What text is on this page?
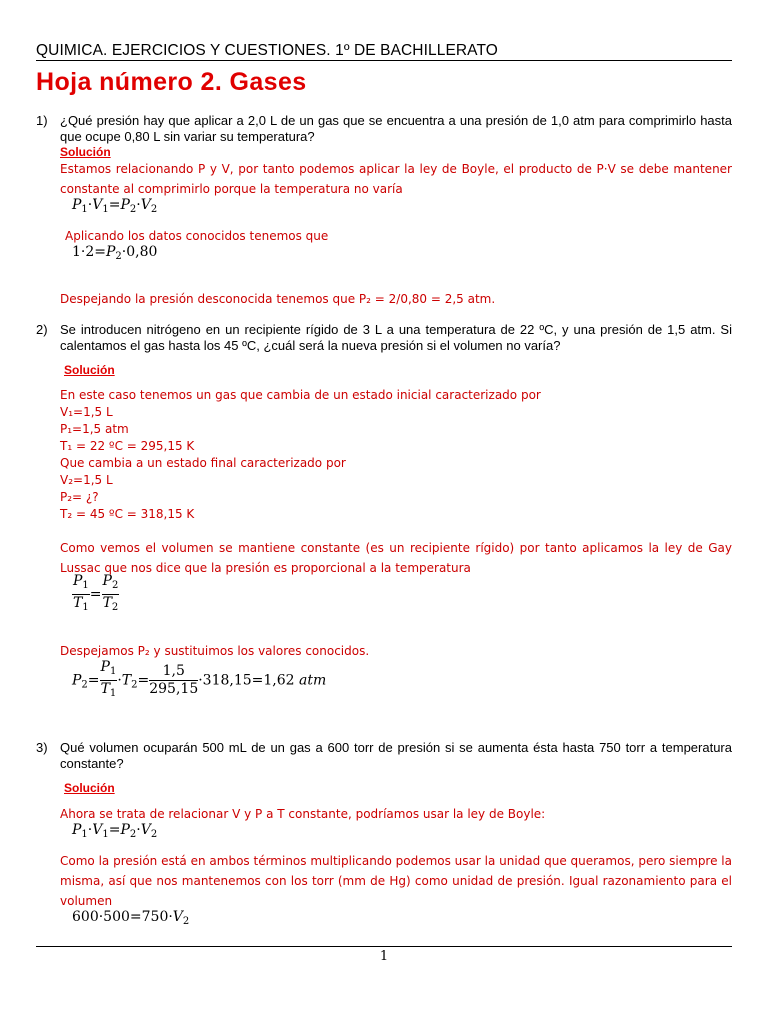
QUIMICA. EJERCICIOS Y CUESTIONES. 1º DE BACHILLERATO
Hoja número 2. Gases
1) ¿Qué presión hay que aplicar a 2,0 L de un gas que se encuentra a una presión de 1,0 atm para comprimirlo hasta que ocupe 0,80 L sin variar su temperatura?
Solución
Estamos relacionando P y V, por tanto podemos aplicar la ley de Boyle, el producto de P·V se debe mantener constante al comprimirlo porque la temperatura no varía
$P_1\cdot V_1=P_2\cdot V_2$
Aplicando los datos conocidos tenemos que
$1\cdot 2=P_2\cdot 0,80$
Despejando la presión desconocida tenemos que P₂ = 2/0,80 = 2,5 atm.
2) Se introducen nitrógeno en un recipiente rígido de 3 L a una temperatura de 22 ºC, y una presión de 1,5 atm. Si calentamos el gas hasta los 45 ºC, ¿cuál será la nueva presión si el volumen no varía?
Solución
En este caso tenemos un gas que cambia de un estado inicial caracterizado por
V₁=1,5 L
P₁=1,5 atm
T₁ = 22 ºC = 295,15 K
Que cambia a un estado final caracterizado por
V₂=1,5 L
P₂= ¿?
T₂ = 45 ºC = 318,15 K
Como vemos el volumen se mantiene constante (es un recipiente rígido) por tanto aplicamos la ley de Gay Lussac que nos dice que la presión es proporcional a la temperatura
$\frac{P_1}{T_1} = \frac{P_2}{T_2}$
Despejamos P₂ y sustituimos los valores conocidos.
$P_2= \frac{P_1}{T_1} \cdot T_2= \frac{1,5}{295,15} \cdot 318,15=1,62$ atm
3) Qué volumen ocuparán 500 mL de un gas a 600 torr de presión si se aumenta ésta hasta 750 torr a temperatura constante?
Solución
Ahora se trata de relacionar V y P a T constante, podríamos usar la ley de Boyle:
$P_1\cdot V_1=P_2\cdot V_2$
Como la presión está en ambos términos multiplicando podemos usar la unidad que queramos, pero siempre la misma, así que nos mantenemos con los torr (mm de Hg) como unidad de presión. Igual razonamiento para el volumen
$600\cdot 500=750\cdot V_2$
1
